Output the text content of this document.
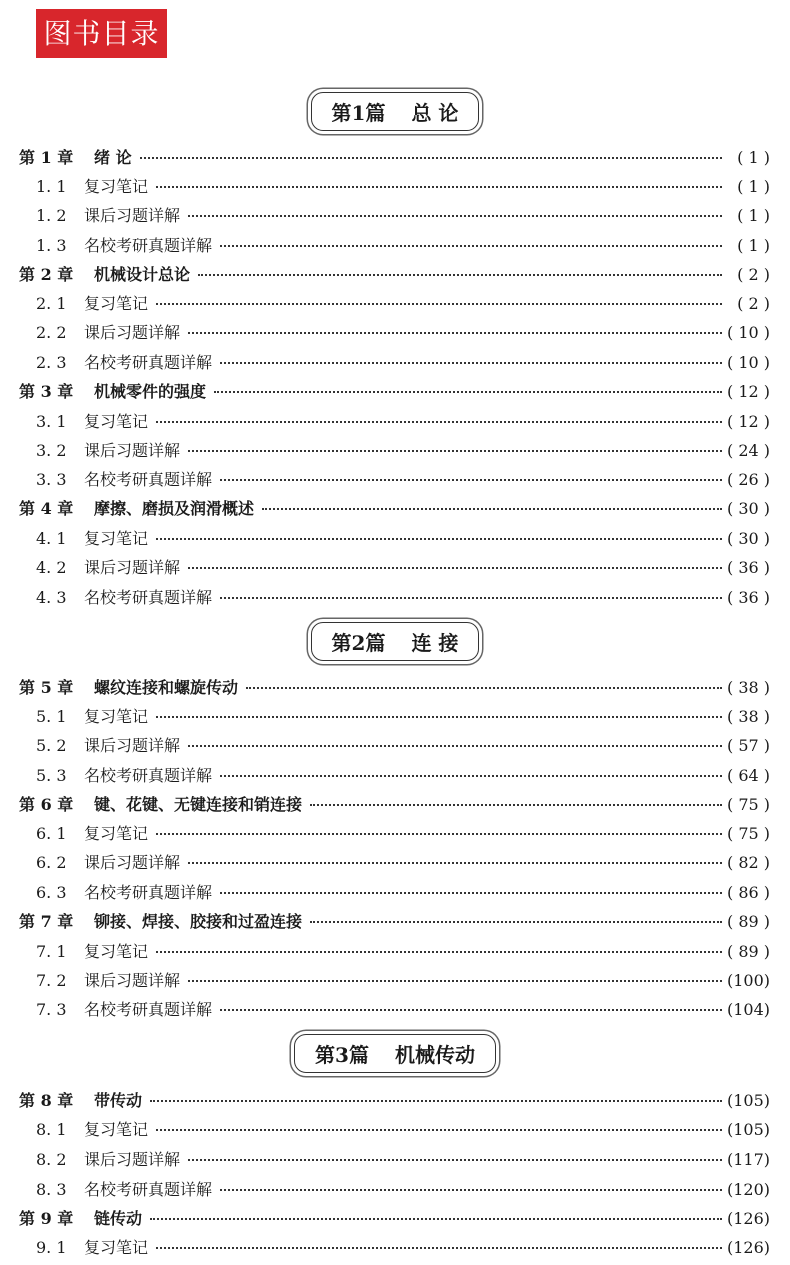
图书目录
第1篇 总 论
第2篇 连 接
第3篇 机械传动
第 1 章 绪 论	( 1 )
1. 1 复习笔记	( 1 )
1. 2 课后习题详解	( 1 )
1. 3 名校考研真题详解	( 1 )
第 2 章 机械设计总论	( 2 )
2. 1 复习笔记	( 2 )
2. 2 课后习题详解	( 10 )
2. 3 名校考研真题详解	( 10 )
第 3 章 机械零件的强度	( 12 )
3. 1 复习笔记	( 12 )
3. 2 课后习题详解	( 24 )
3. 3 名校考研真题详解	( 26 )
第 4 章 摩擦、磨损及润滑概述	( 30 )
4. 1 复习笔记	( 30 )
4. 2 课后习题详解	( 36 )
4. 3 名校考研真题详解	( 36 )
第 5 章 螺纹连接和螺旋传动	( 38 )
5. 1 复习笔记	( 38 )
5. 2 课后习题详解	( 57 )
5. 3 名校考研真题详解	( 64 )
第 6 章 键、花键、无键连接和销连接	( 75 )
6. 1 复习笔记	( 75 )
6. 2 课后习题详解	( 82 )
6. 3 名校考研真题详解	( 86 )
第 7 章 铆接、焊接、胶接和过盈连接	( 89 )
7. 1 复习笔记	( 89 )
7. 2 课后习题详解	(100)
7. 3 名校考研真题详解	(104)
第 8 章 带传动	(105)
8. 1 复习笔记	(105)
8. 2 课后习题详解	(117)
8. 3 名校考研真题详解	(120)
第 9 章 链传动	(126)
9. 1 复习笔记	(126)
